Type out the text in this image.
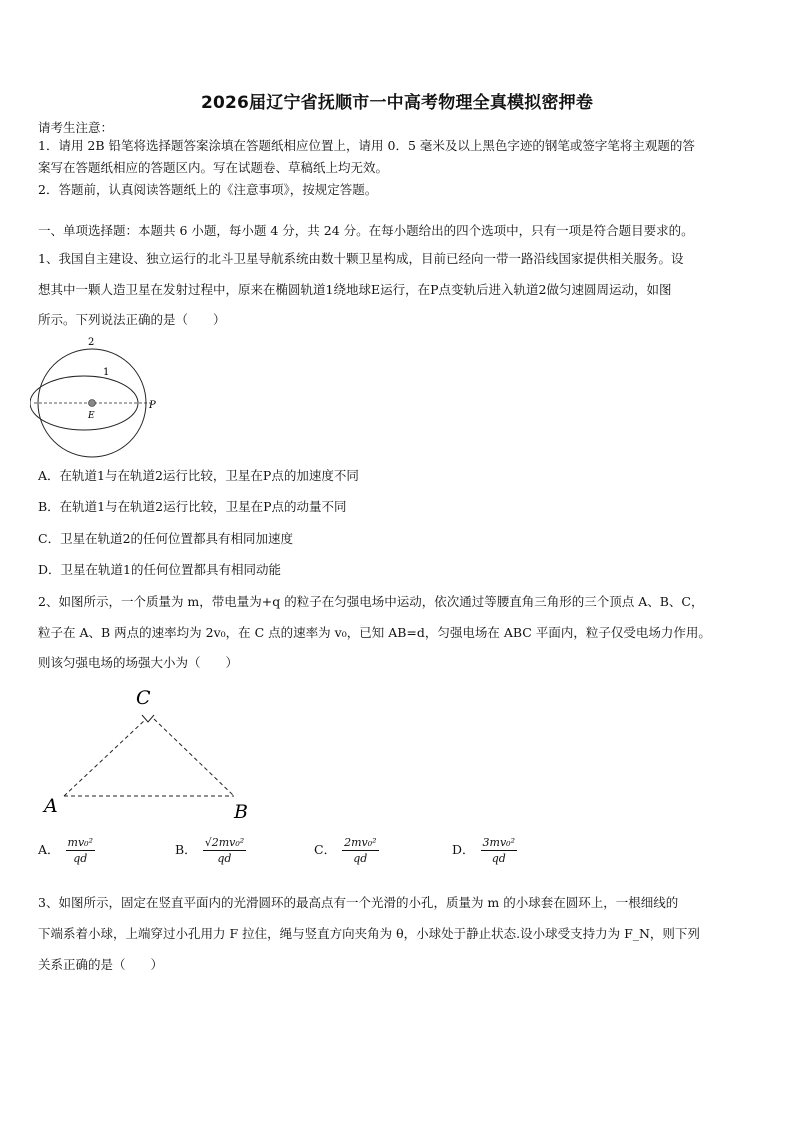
2026届辽宁省抚顺市一中高考物理全真模拟密押卷
请考生注意：
1．请用 2B 铅笔将选择题答案涂填在答题纸相应位置上，请用 0．5 毫米及以上黑色字迹的钢笔或签字笔将主观题的答
案写在答题纸相应的答题区内。写在试题卷、草稿纸上均无效。
2．答题前，认真阅读答题纸上的《注意事项》，按规定答题。
一、单项选择题：本题共 6 小题，每小题 4 分，共 24 分。在每小题给出的四个选项中，只有一项是符合题目要求的。
1、我国自主建设、独立运行的北斗卫星导航系统由数十颗卫星构成，目前已经向一带一路沿线国家提供相关服务。设
想其中一颗人造卫星在发射过程中，原来在椭圆轨道1绕地球E运行，在P点变轨后进入轨道2做匀速圆周运动，如图
所示。下列说法正确的是（　　）
2
1
E
P
A．在轨道1与在轨道2运行比较，卫星在P点的加速度不同
B．在轨道1与在轨道2运行比较，卫星在P点的动量不同
C．卫星在轨道2的任何位置都具有相同加速度
D．卫星在轨道1的任何位置都具有相同动能
2、如图所示，一个质量为 m，带电量为+q 的粒子在匀强电场中运动，依次通过等腰直角三角形的三个顶点 A、B、C，
粒子在 A、B 两点的速率均为 2v₀，在 C 点的速率为 v₀，已知 AB=d，匀强电场在 ABC 平面内，粒子仅受电场力作用。
则该匀强电场的场强大小为（　　）
C
A	B
A． $\frac{\text{mv₀²}}{qd}$	B． $\frac{\text{√2mv₀²}}{qd}$	C． $\frac{\text{2mv₀²}}{qd}$	D． $\frac{\text{3mv₀²}}{qd}$
3、如图所示，固定在竖直平面内的光滑圆环的最高点有一个光滑的小孔，质量为 m 的小球套在圆环上，一根细线的
下端系着小球，上端穿过小孔用力 F 拉住，绳与竖直方向夹角为 θ，小球处于静止状态.设小球受支持力为 F_N，则下列
关系正确的是（　　）
